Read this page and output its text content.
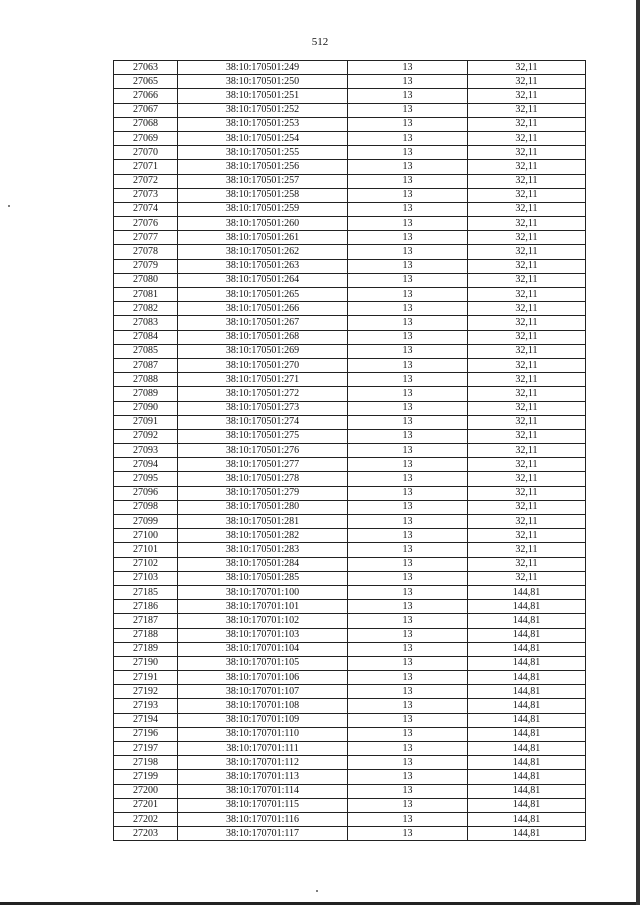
512
27063	38:10:170501:249	13	32,11
27065	38:10:170501:250	13	32,11
27066	38:10:170501:251	13	32,11
27067	38:10:170501:252	13	32,11
27068	38:10:170501:253	13	32,11
27069	38:10:170501:254	13	32,11
27070	38:10:170501:255	13	32,11
27071	38:10:170501:256	13	32,11
27072	38:10:170501:257	13	32,11
27073	38:10:170501:258	13	32,11
27074	38:10:170501:259	13	32,11
27076	38:10:170501:260	13	32,11
27077	38:10:170501:261	13	32,11
27078	38:10:170501:262	13	32,11
27079	38:10:170501:263	13	32,11
27080	38:10:170501:264	13	32,11
27081	38:10:170501:265	13	32,11
27082	38:10:170501:266	13	32,11
27083	38:10:170501:267	13	32,11
27084	38:10:170501:268	13	32,11
27085	38:10:170501:269	13	32,11
27087	38:10:170501:270	13	32,11
27088	38:10:170501:271	13	32,11
27089	38:10:170501:272	13	32,11
27090	38:10:170501:273	13	32,11
27091	38:10:170501:274	13	32,11
27092	38:10:170501:275	13	32,11
27093	38:10:170501:276	13	32,11
27094	38:10:170501:277	13	32,11
27095	38:10:170501:278	13	32,11
27096	38:10:170501:279	13	32,11
27098	38:10:170501:280	13	32,11
27099	38:10:170501:281	13	32,11
27100	38:10:170501:282	13	32,11
27101	38:10:170501:283	13	32,11
27102	38:10:170501:284	13	32,11
27103	38:10:170501:285	13	32,11
27185	38:10:170701:100	13	144,81
27186	38:10:170701:101	13	144,81
27187	38:10:170701:102	13	144,81
27188	38:10:170701:103	13	144,81
27189	38:10:170701:104	13	144,81
27190	38:10:170701:105	13	144,81
27191	38:10:170701:106	13	144,81
27192	38:10:170701:107	13	144,81
27193	38:10:170701:108	13	144,81
27194	38:10:170701:109	13	144,81
27196	38:10:170701:110	13	144,81
27197	38:10:170701:111	13	144,81
27198	38:10:170701:112	13	144,81
27199	38:10:170701:113	13	144,81
27200	38:10:170701:114	13	144,81
27201	38:10:170701:115	13	144,81
27202	38:10:170701:116	13	144,81
27203	38:10:170701:117	13	144,81
